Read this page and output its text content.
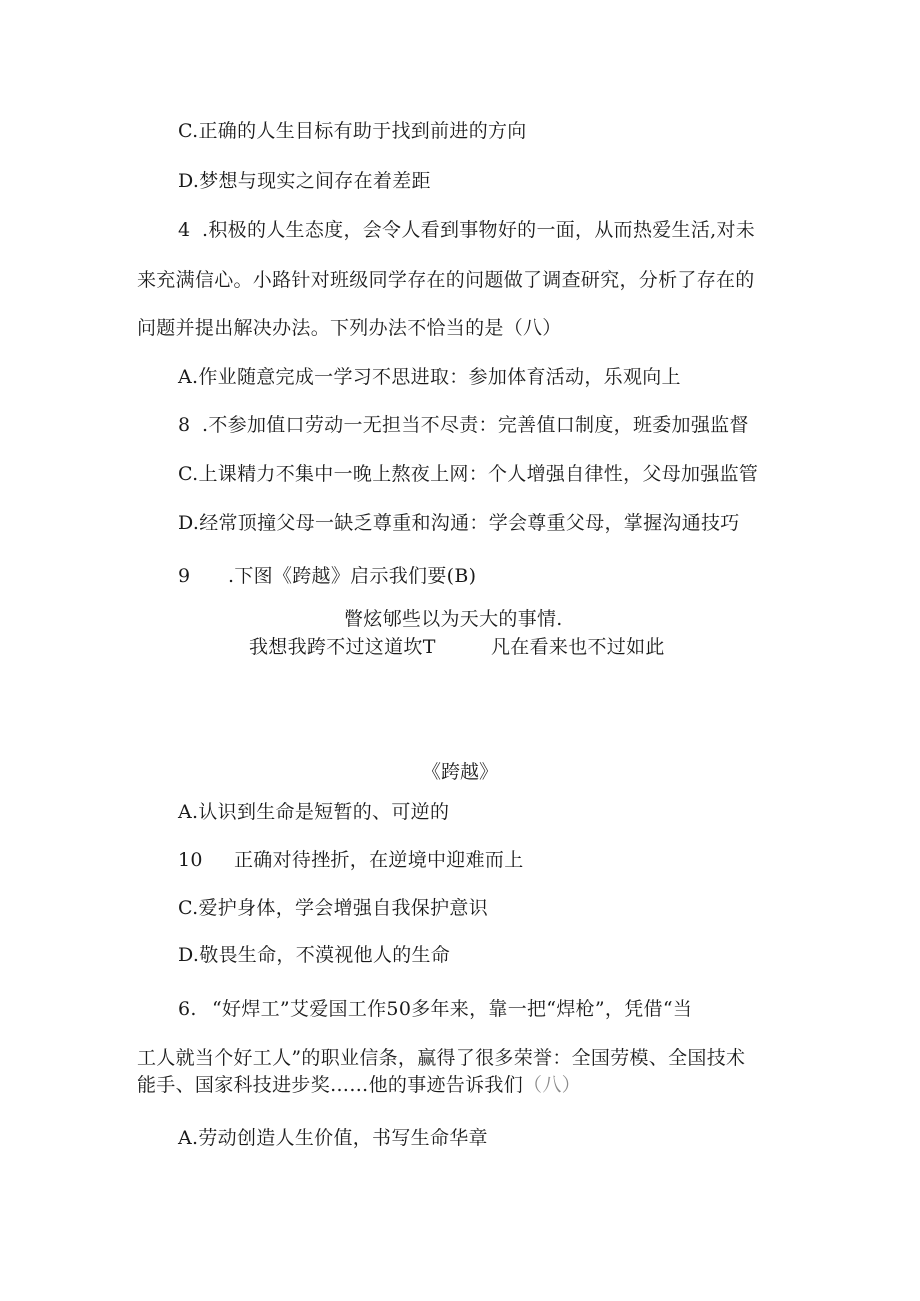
C.正确的人生目标有助于找到前进的方向
D.梦想与现实之间存在着差距
4 .积极的人生态度，会令人看到事物好的一面，从而热爱生活,对未
来充满信心。小路针对班级同学存在的问题做了调查研究，分析了存在的
问题并提出解决办法。下列办法不恰当的是（八）
A.作业随意完成一学习不思进取：参加体育活动，乐观向上
8 .不参加值口劳动一无担当不尽责：完善值口制度，班委加强监督
C.上课精力不集中一晚上熬夜上网：个人增强自律性，父母加强监管
D.经常顶撞父母一缺乏尊重和沟通：学会尊重父母，掌握沟通技巧
9 .下图《跨越》启示我们要(B)
瞥炫郇些以为天大的事情.
我想我跨不过这道坎T	凡在看来也不过如此
《跨越》
A.认识到生命是短暂的、可逆的
10 正确对待挫折，在逆境中迎难而上
C.爱护身体，学会增强自我保护意识
D.敬畏生命，不漠视他人的生命
6. “好焊工”艾爱国工作50多年来，靠一把“焊枪”，凭借“当
工人就当个好工人”的职业信条，赢得了很多荣誉：全国劳模、全国技术
能手、国家科技进步奖……他的事迹告诉我们（八）
A.劳动创造人生价值，书写生命华章
